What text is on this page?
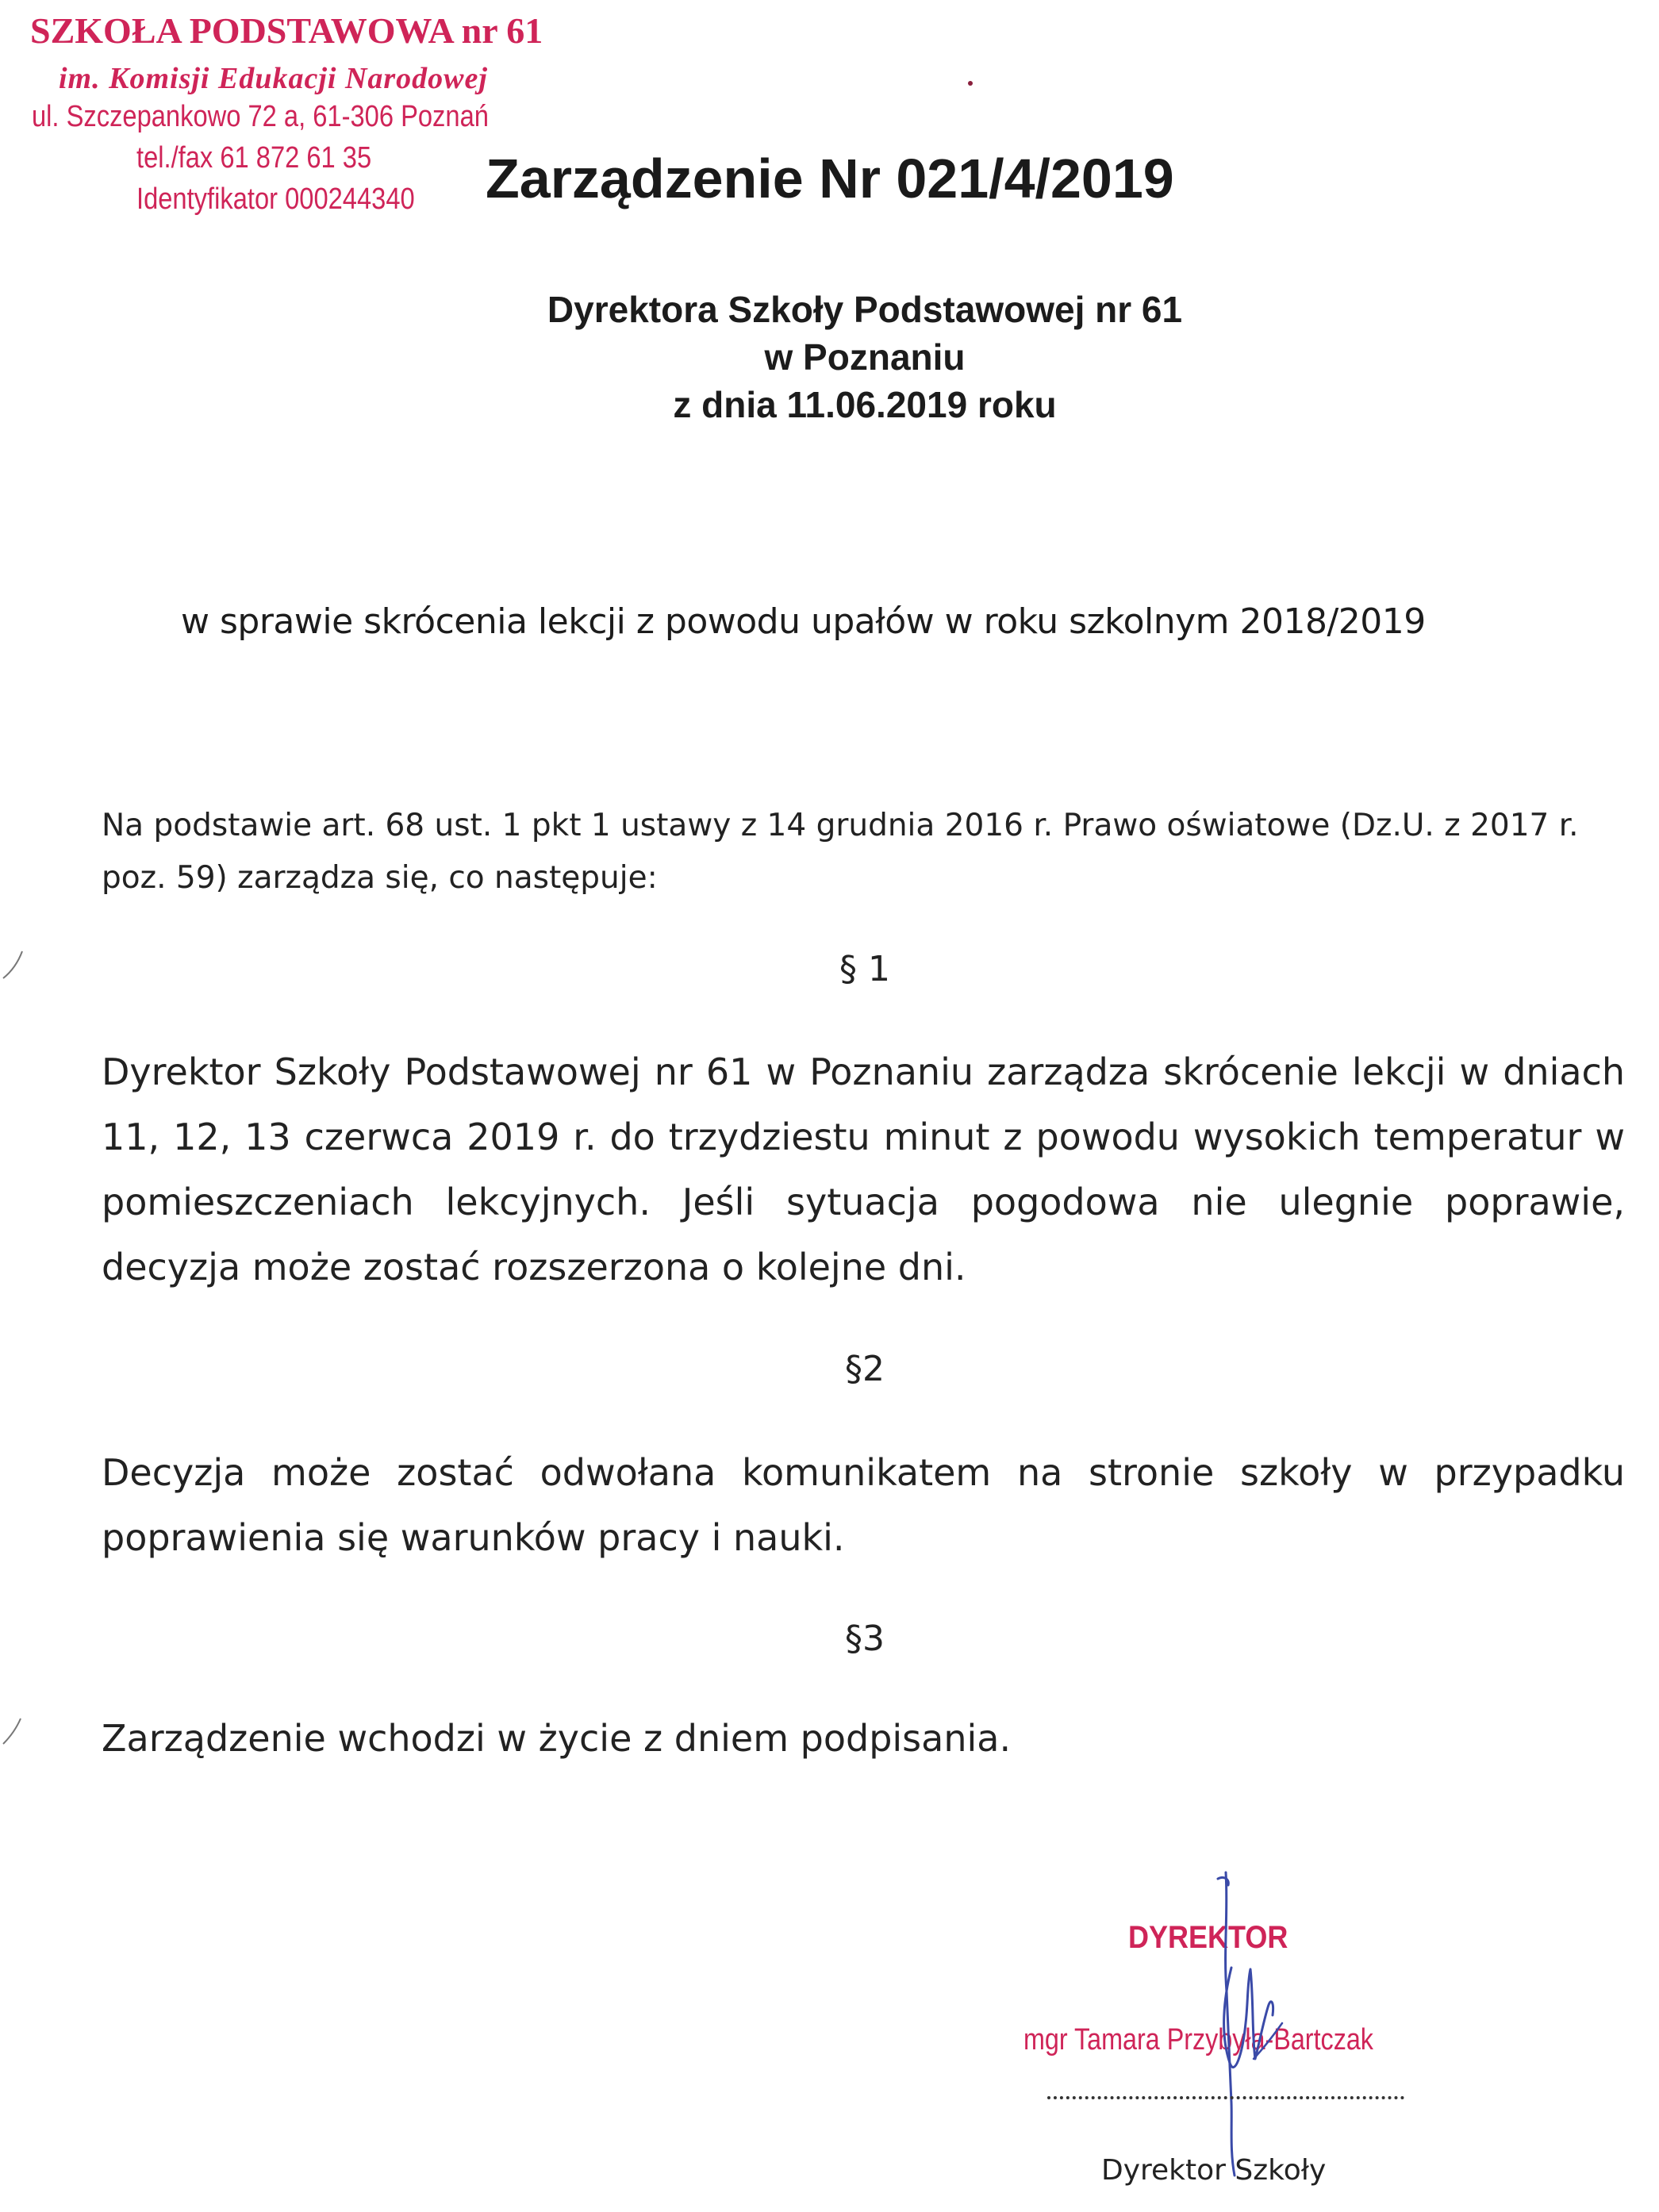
SZKOŁA PODSTAWOWA nr 61
im. Komisji Edukacji Narodowej
ul. Szczepankowo 72 a, 61-306 Poznań
tel./fax 61 872 61 35
Identyfikator 000244340 Zarządzenie Nr 021/4/2019
Dyrektora Szkoły Podstawowej nr 61
w Poznaniu
z dnia 11.06.2019 roku
w sprawie skrócenia lekcji z powodu upałów w roku szkolnym 2018/2019
Na podstawie art. 68 ust. 1 pkt 1 ustawy z 14 grudnia 2016 r. Prawo oświatowe (Dz.U. z 2017 r. poz. 59) zarządza się, co następuje:
§ 1
Dyrektor Szkoły Podstawowej nr 61 w Poznaniu zarządza skrócenie lekcji w dniach 11, 12, 13 czerwca 2019 r. do trzydziestu minut z powodu wysokich temperatur w pomieszczeniach lekcyjnych. Jeśli sytuacja pogodowa nie ulegnie poprawie, decyzja może zostać rozszerzona o kolejne dni.
§2
Decyzja może zostać odwołana komunikatem na stronie szkoły w przypadku poprawienia się warunków pracy i nauki.
§3
Zarządzenie wchodzi w życie z dniem podpisania.
DYREKTOR
mgr Tamara Przybyła-Bartczak
Dyrektor Szkoły
